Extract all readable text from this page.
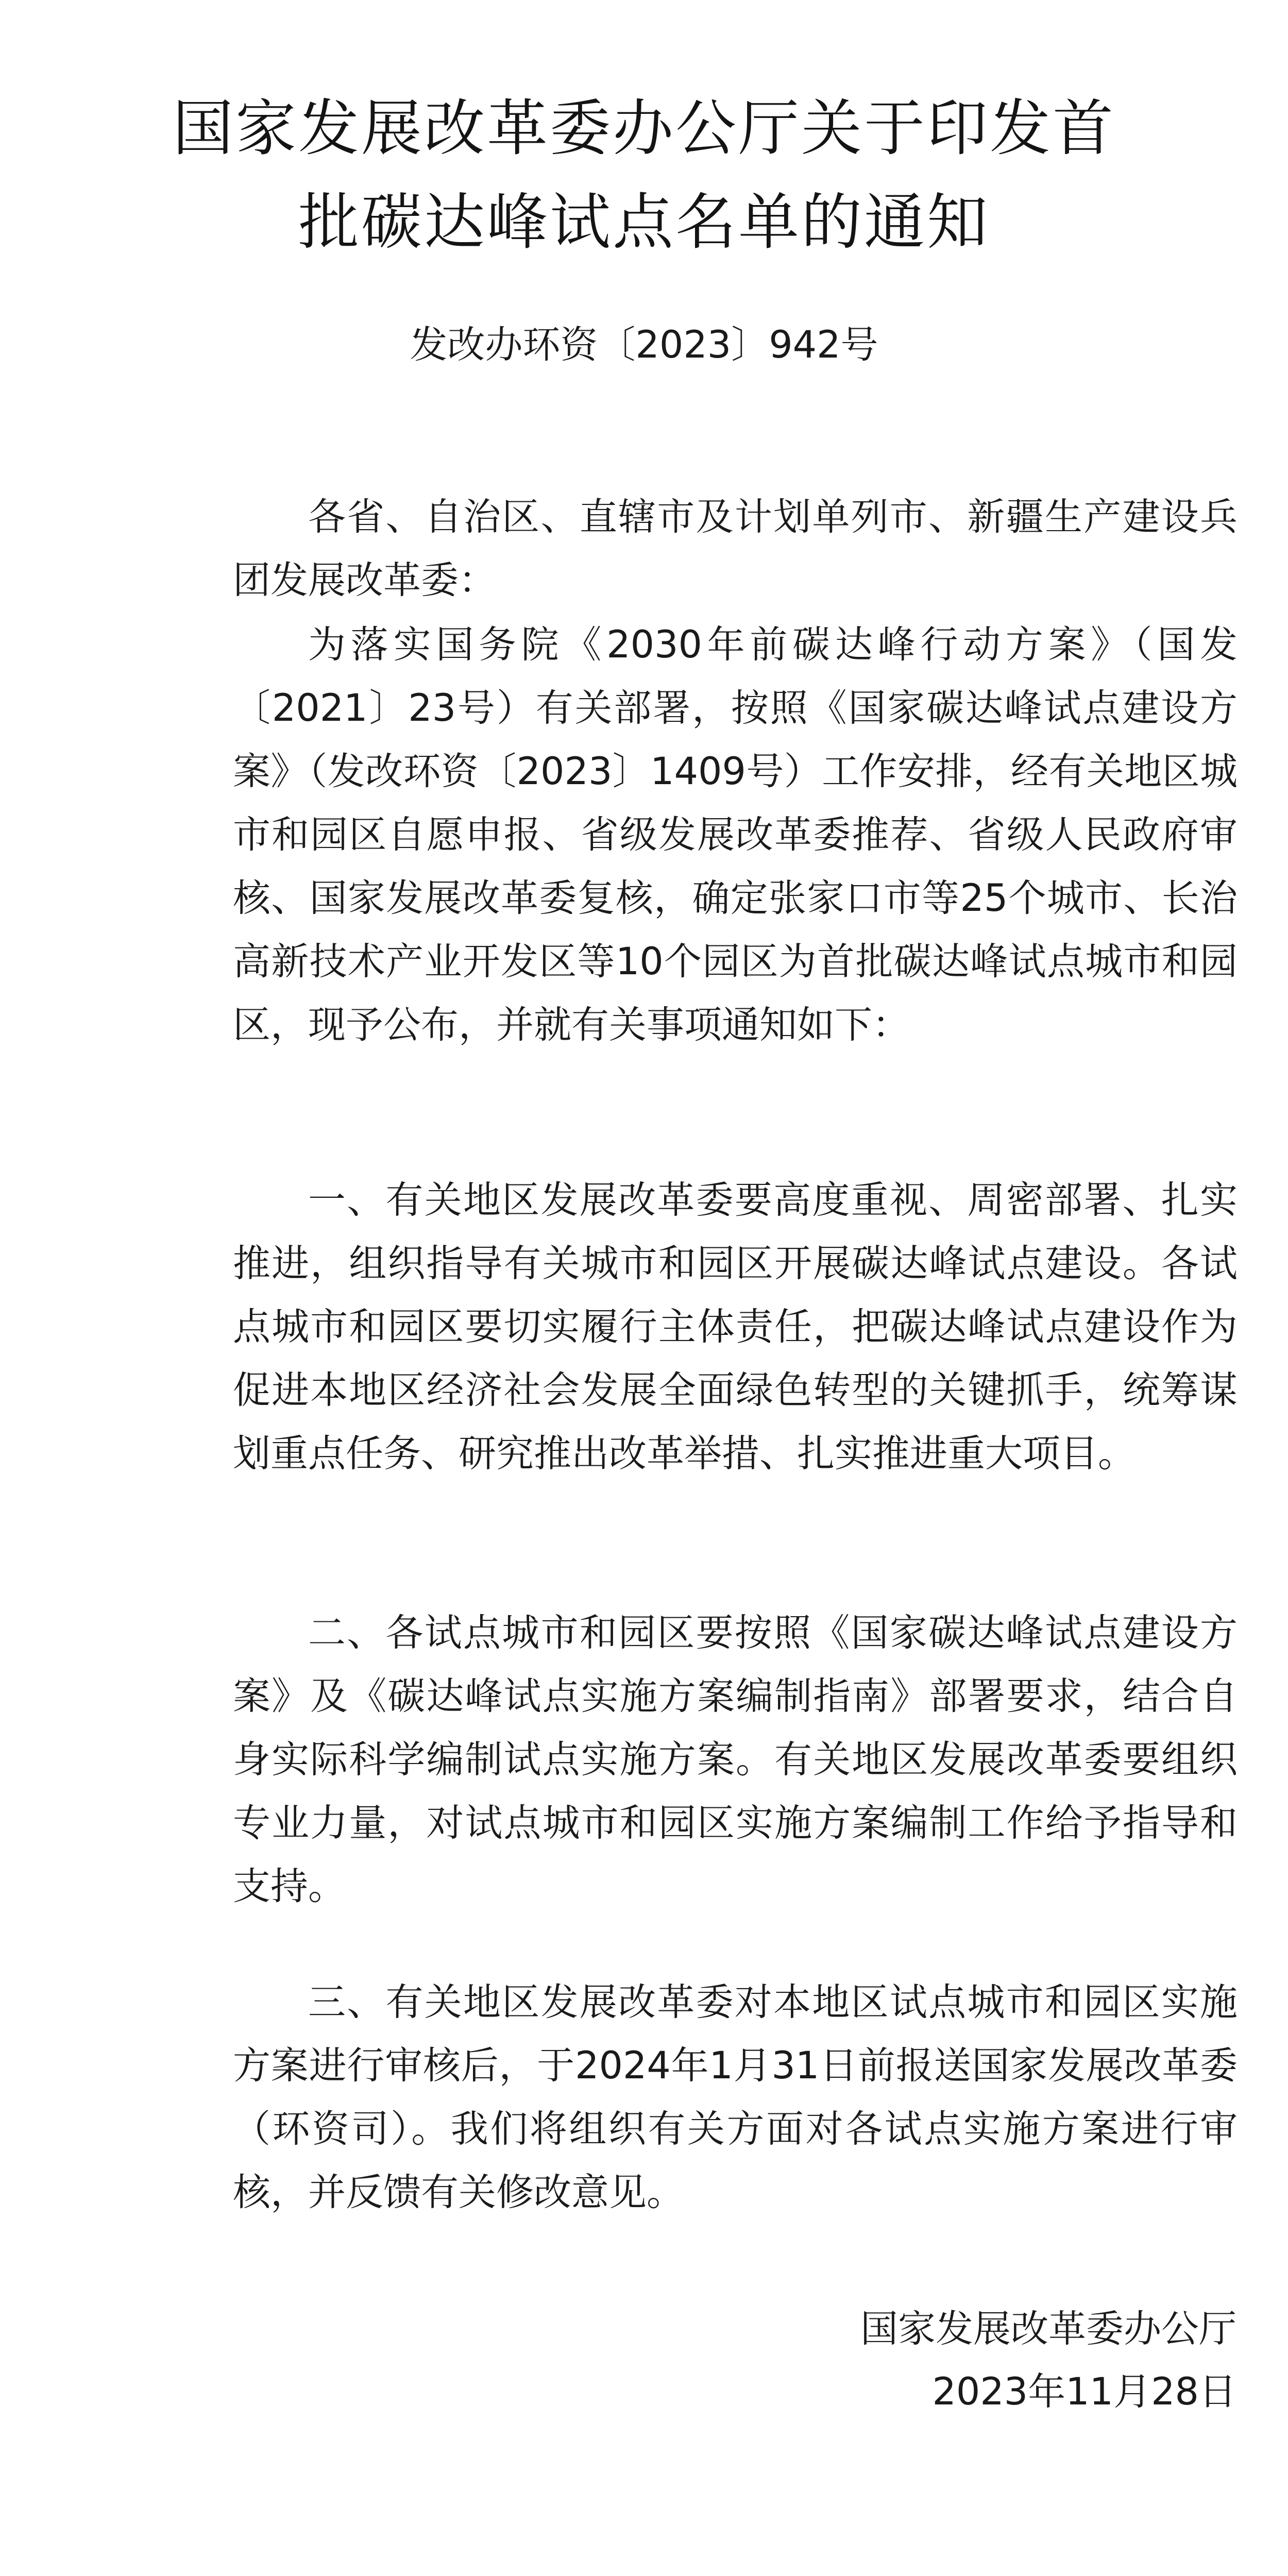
国家发展改革委办公厅关于印发首
批碳达峰试点名单的通知
发改办环资〔2023〕942号
各省、自治区、直辖市及计划单列市、新疆生产建设兵团发展改革委：
为落实国务院《2030年前碳达峰行动方案》（国发〔2021〕23号）有关部署，按照《国家碳达峰试点建设方案》（发改环资〔2023〕1409号）工作安排，经有关地区城市和园区自愿申报、省级发展改革委推荐、省级人民政府审核、国家发展改革委复核，确定张家口市等25个城市、长治高新技术产业开发区等10个园区为首批碳达峰试点城市和园区，现予公布，并就有关事项通知如下：
一、有关地区发展改革委要高度重视、周密部署、扎实推进，组织指导有关城市和园区开展碳达峰试点建设。各试点城市和园区要切实履行主体责任，把碳达峰试点建设作为促进本地区经济社会发展全面绿色转型的关键抓手，统筹谋划重点任务、研究推出改革举措、扎实推进重大项目。
二、各试点城市和园区要按照《国家碳达峰试点建设方案》及《碳达峰试点实施方案编制指南》部署要求，结合自身实际科学编制试点实施方案。有关地区发展改革委要组织专业力量，对试点城市和园区实施方案编制工作给予指导和支持。
三、有关地区发展改革委对本地区试点城市和园区实施方案进行审核后，于2024年1月31日前报送国家发展改革委（环资司）。我们将组织有关方面对各试点实施方案进行审核，并反馈有关修改意见。
国家发展改革委办公厅
2023年11月28日
